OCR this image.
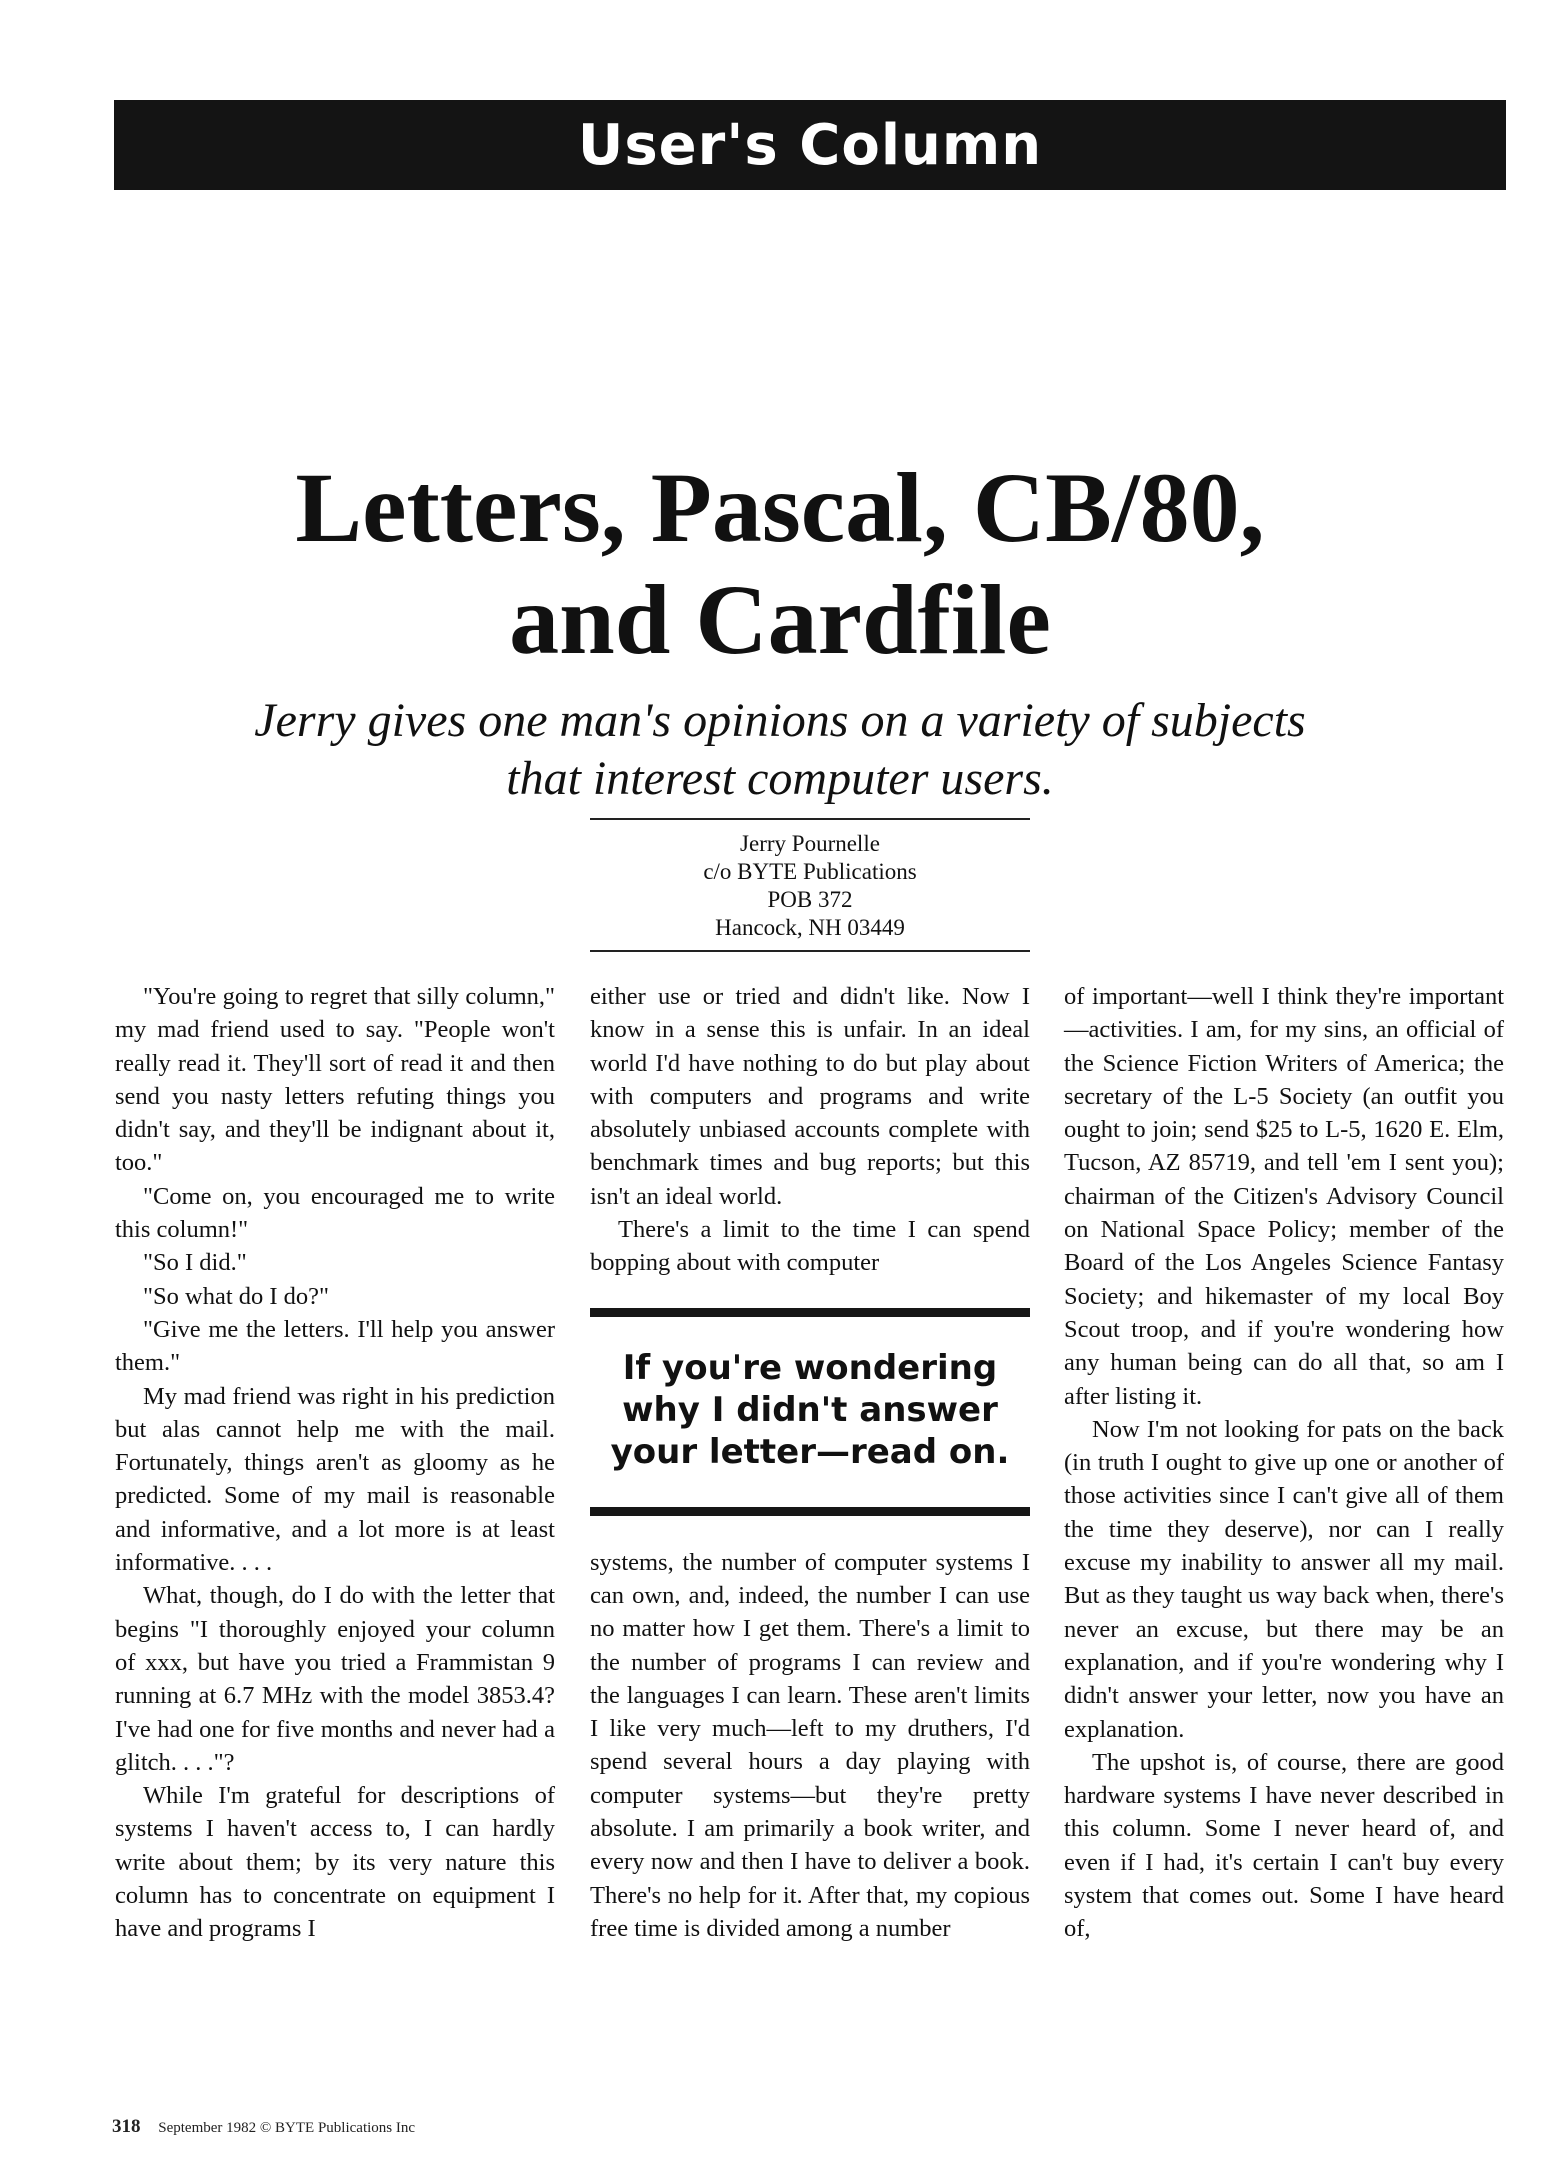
User's Column
Letters, Pascal, CB/80,
and Cardfile
Jerry gives one man's opinions on a variety of subjects
that interest computer users.
Jerry Pournelle
c/o BYTE Publications
POB 372
Hancock, NH 03449

"You're going to regret that silly column," my mad friend used to say. "People won't really read it. They'll sort of read it and then send you nasty letters refuting things you didn't say, and they'll be indignant about it, too."

"Come on, you encouraged me to write this column!"

"So I did."

"So what do I do?"

"Give me the letters. I'll help you answer them."

My mad friend was right in his prediction but alas cannot help me with the mail. Fortunately, things aren't as gloomy as he predicted. Some of my mail is reasonable and informative, and a lot more is at least informative. . . .

What, though, do I do with the letter that begins "I thoroughly enjoyed your column of xxx, but have you tried a Frammistan 9 running at 6.7 MHz with the model 3853.4? I've had one for five months and never had a glitch. . . ."?

While I'm grateful for descriptions of systems I haven't access to, I can hardly write about them; by its very nature this column has to concentrate on equipment I have and programs I

either use or tried and didn't like. Now I know in a sense this is unfair. In an ideal world I'd have nothing to do but play about with computers and programs and write absolutely unbiased accounts complete with benchmark times and bug reports; but this isn't an ideal world.

There's a limit to the time I can spend bopping about with computer

If you're wondering why I didn't answer your letter—read on.

systems, the number of computer systems I can own, and, indeed, the number I can use no matter how I get them. There's a limit to the number of programs I can review and the languages I can learn. These aren't limits I like very much—left to my druthers, I'd spend several hours a day playing with computer systems—but they're pretty absolute. I am primarily a book writer, and every now and then I have to deliver a book. There's no help for it. After that, my copious free time is divided among a number

of important—well I think they're important—activities. I am, for my sins, an official of the Science Fiction Writers of America; the secretary of the L-5 Society (an outfit you ought to join; send $25 to L-5, 1620 E. Elm, Tucson, AZ 85719, and tell 'em I sent you); chairman of the Citizen's Advisory Council on National Space Policy; member of the Board of the Los Angeles Science Fantasy Society; and hikemaster of my local Boy Scout troop, and if you're wondering how any human being can do all that, so am I after listing it.

Now I'm not looking for pats on the back (in truth I ought to give up one or another of those activities since I can't give all of them the time they deserve), nor can I really excuse my inability to answer all my mail. But as they taught us way back when, there's never an excuse, but there may be an explanation, and if you're wondering why I didn't answer your letter, now you have an explanation.

The upshot is, of course, there are good hardware systems I have never described in this column. Some I never heard of, and even if I had, it's certain I can't buy every system that comes out. Some I have heard of,

318 September 1982 © BYTE Publications Inc
